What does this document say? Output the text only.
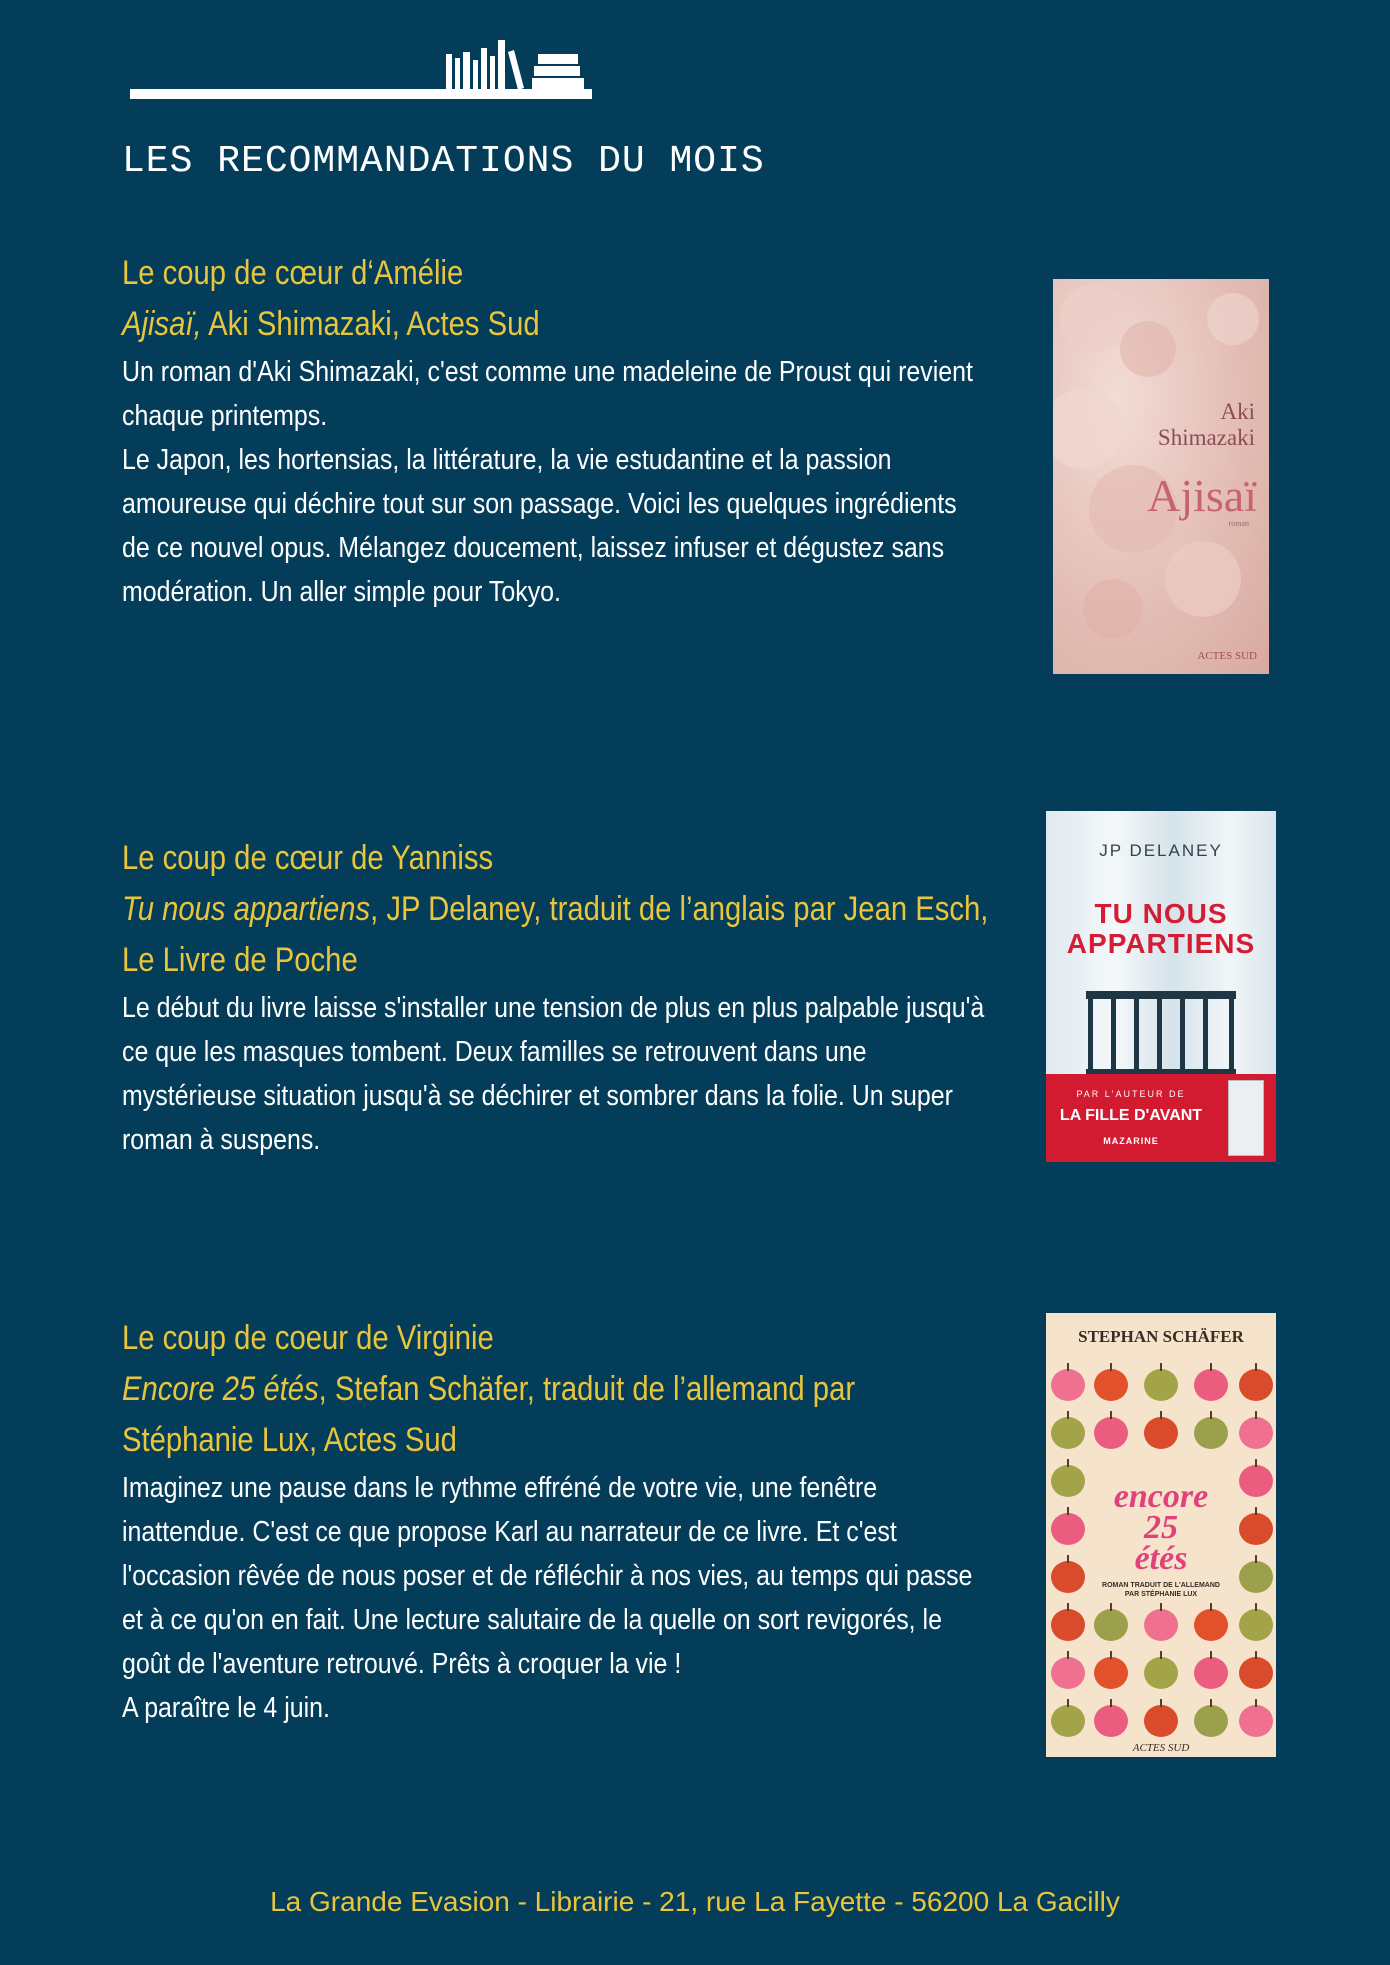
LES RECOMMANDATIONS DU MOIS
Le coup de cœur d‘Amélie
Ajisaï, Aki Shimazaki, Actes Sud

Un roman d'Aki Shimazaki, c'est comme une madeleine de Proust qui revient chaque printemps.

Le Japon, les hortensias, la littérature, la vie estudantine et la passion amoureuse qui déchire tout sur son passage. Voici les quelques ingrédients de ce nouvel opus. Mélangez doucement, laissez infuser et dégustez sans modération. Un aller simple pour Tokyo.

Aki
Shimazaki
Ajisaï
roman
ACTES SUD
Le coup de cœur de Yanniss
Tu nous appartiens, JP Delaney, traduit de l’anglais par Jean Esch, Le Livre de Poche

Le début du livre laisse s'installer une tension de plus en plus palpable jusqu'à ce que les masques tombent. Deux familles se retrouvent dans une mystérieuse situation jusqu'à se déchirer et sombrer dans la folie. Un super roman à suspens.

JP DELANEY
TU NOUS
APPARTIENS
PAR L'AUTEUR DE
LA FILLE D'AVANT
MAZARINE
Le coup de coeur de Virginie
Encore 25 étés, Stefan Schäfer, traduit de l’allemand par Stéphanie Lux, Actes Sud

Imaginez une pause dans le rythme effréné de votre vie, une fenêtre inattendue. C'est ce que propose Karl au narrateur de ce livre. Et c'est l'occasion rêvée de nous poser et de réfléchir à nos vies, au temps qui passe et à ce qu'on en fait. Une lecture salutaire de la quelle on sort revigorés, le goût de l'aventure retrouvé. Prêts à croquer la vie !

A paraître le 4 juin.

STEPHAN SCHÄFER
encore
25
étés
ROMAN TRADUIT DE L'ALLEMAND
PAR STÉPHANIE LUX
ACTES SUD
La Grande Evasion - Librairie - 21, rue La Fayette - 56200 La Gacilly
